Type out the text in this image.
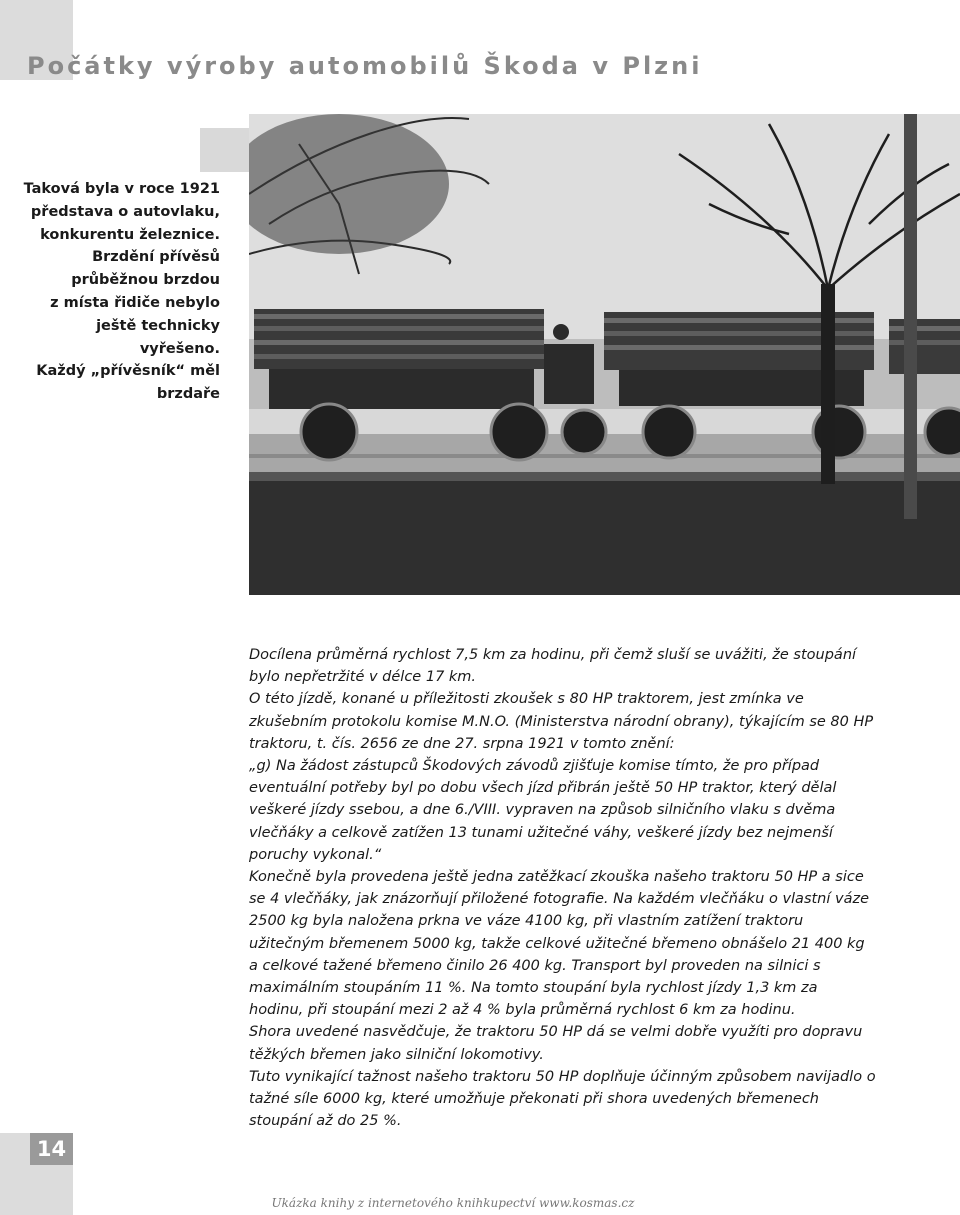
Počátky výroby automobilů Škoda v Plzni
Taková byla v roce 1921
představa o autovlaku,
konkurentu železnice.
Brzdění přívěsů
průběžnou brzdou
z místa řidiče nebylo
ještě technicky vyřešeno.
Každý „přívěsník“ měl
brzdaře

Docílena průměrná rychlost 7,5 km za hodinu, při čemž sluší se uvážiti, že stoupání bylo nepřetržité v délce 17 km.

O této jízdě, konané u příležitosti zkoušek s 80 HP traktorem, jest zmínka ve zkušebním protokolu komise M.N.O. (Ministerstva národní obrany), týkajícím se 80 HP traktoru, t. čís. 2656 ze dne 27. srpna 1921 v tomto znění:

„g) Na žádost zástupců Škodových závodů zjišťuje komise tímto, že pro případ eventuální potřeby byl po dobu všech jízd přibrán ještě 50 HP traktor, který dělal veškeré jízdy ssebou, a dne 6./VIII. vypraven na způsob silničního vlaku s dvěma vlečňáky a celkově zatížen 13 tunami užitečné váhy, veškeré jízdy bez nejmenší poruchy vykonal.“

Konečně byla provedena ještě jedna zatěžkací zkouška našeho traktoru 50 HP a sice se 4 vlečňáky, jak znázorňují přiložené fotografie. Na každém vlečňáku o vlastní váze 2500 kg byla naložena prkna ve váze 4100 kg, při vlastním zatížení traktoru užitečným břemenem 5000 kg, takže celkové užitečné břemeno obnášelo 21 400 kg a celkové tažené břemeno činilo 26 400 kg. Transport byl proveden na silnici s maximálním stoupáním 11 %. Na tomto stoupání byla rychlost jízdy 1,3 km za hodinu, při stoupání mezi 2 až 4 % byla průměrná rychlost 6 km za hodinu.

Shora uvedené nasvědčuje, že traktoru 50 HP dá se velmi dobře využíti pro dopravu těžkých břemen jako silniční lokomotivy.

Tuto vynikající tažnost našeho traktoru 50 HP doplňuje účinným způsobem navijadlo o tažné síle 6000 kg, které umožňuje překonati při shora uvedených břemenech stoupání až do 25 %.

14
Ukázka knihy z internetového knihkupectví www.kosmas.cz
